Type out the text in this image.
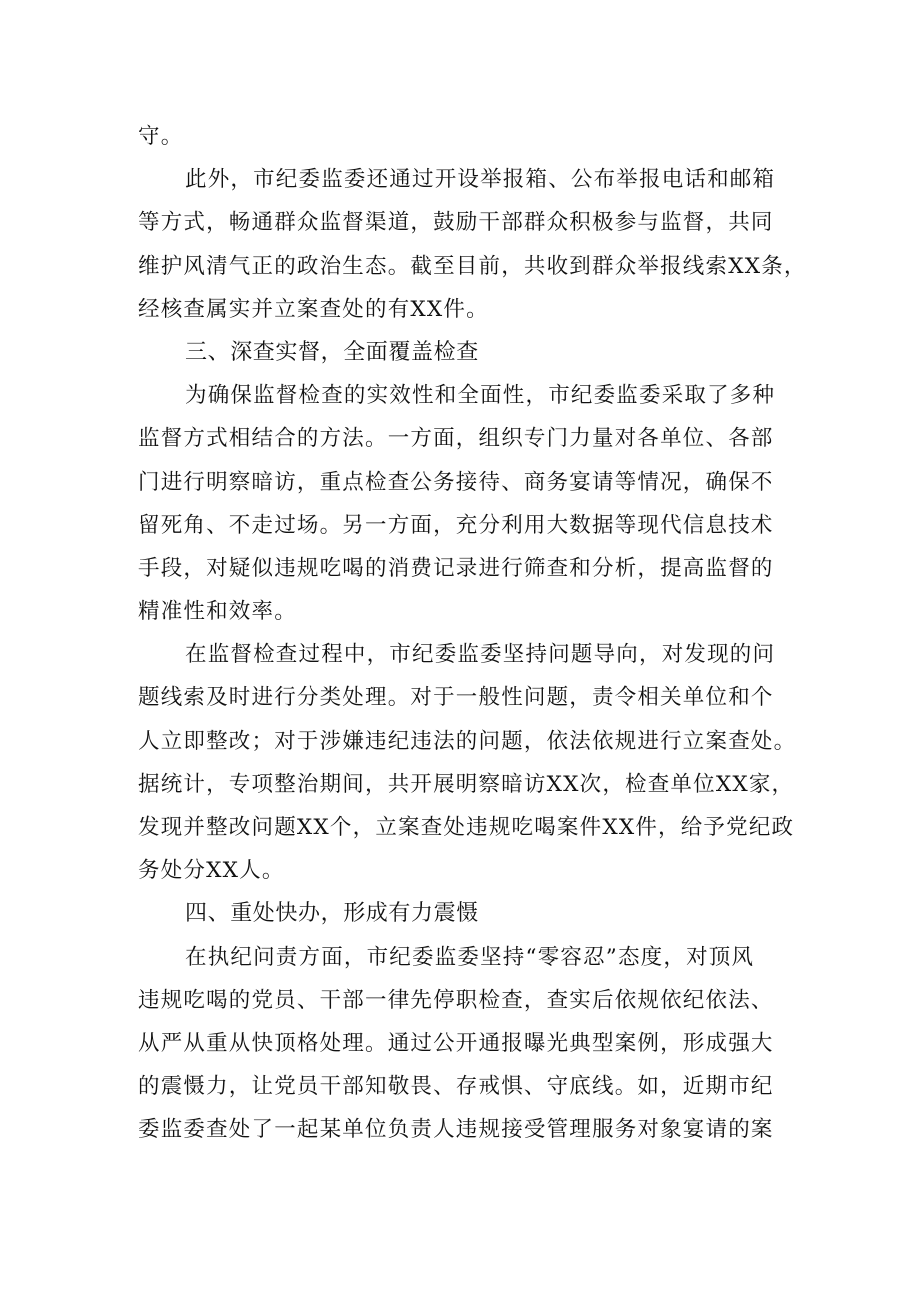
守。
此外，市纪委监委还通过开设举报箱、公布举报电话和邮箱
等方式，畅通群众监督渠道，鼓励干部群众积极参与监督，共同
维护风清气正的政治生态。截至目前，共收到群众举报线索XX条，
经核查属实并立案查处的有XX件。
三、深查实督，全面覆盖检查
为确保监督检查的实效性和全面性，市纪委监委采取了多种
监督方式相结合的方法。一方面，组织专门力量对各单位、各部
门进行明察暗访，重点检查公务接待、商务宴请等情况，确保不
留死角、不走过场。另一方面，充分利用大数据等现代信息技术
手段，对疑似违规吃喝的消费记录进行筛查和分析，提高监督的
精准性和效率。
在监督检查过程中，市纪委监委坚持问题导向，对发现的问
题线索及时进行分类处理。对于一般性问题，责令相关单位和个
人立即整改；对于涉嫌违纪违法的问题，依法依规进行立案查处。
据统计，专项整治期间，共开展明察暗访XX次，检查单位XX家，
发现并整改问题XX个，立案查处违规吃喝案件XX件，给予党纪政
务处分XX人。
四、重处快办，形成有力震慑
在执纪问责方面，市纪委监委坚持“零容忍”态度，对顶风
违规吃喝的党员、干部一律先停职检查，查实后依规依纪依法、
从严从重从快顶格处理。通过公开通报曝光典型案例，形成强大
的震慑力，让党员干部知敬畏、存戒惧、守底线。如，近期市纪
委监委查处了一起某单位负责人违规接受管理服务对象宴请的案
